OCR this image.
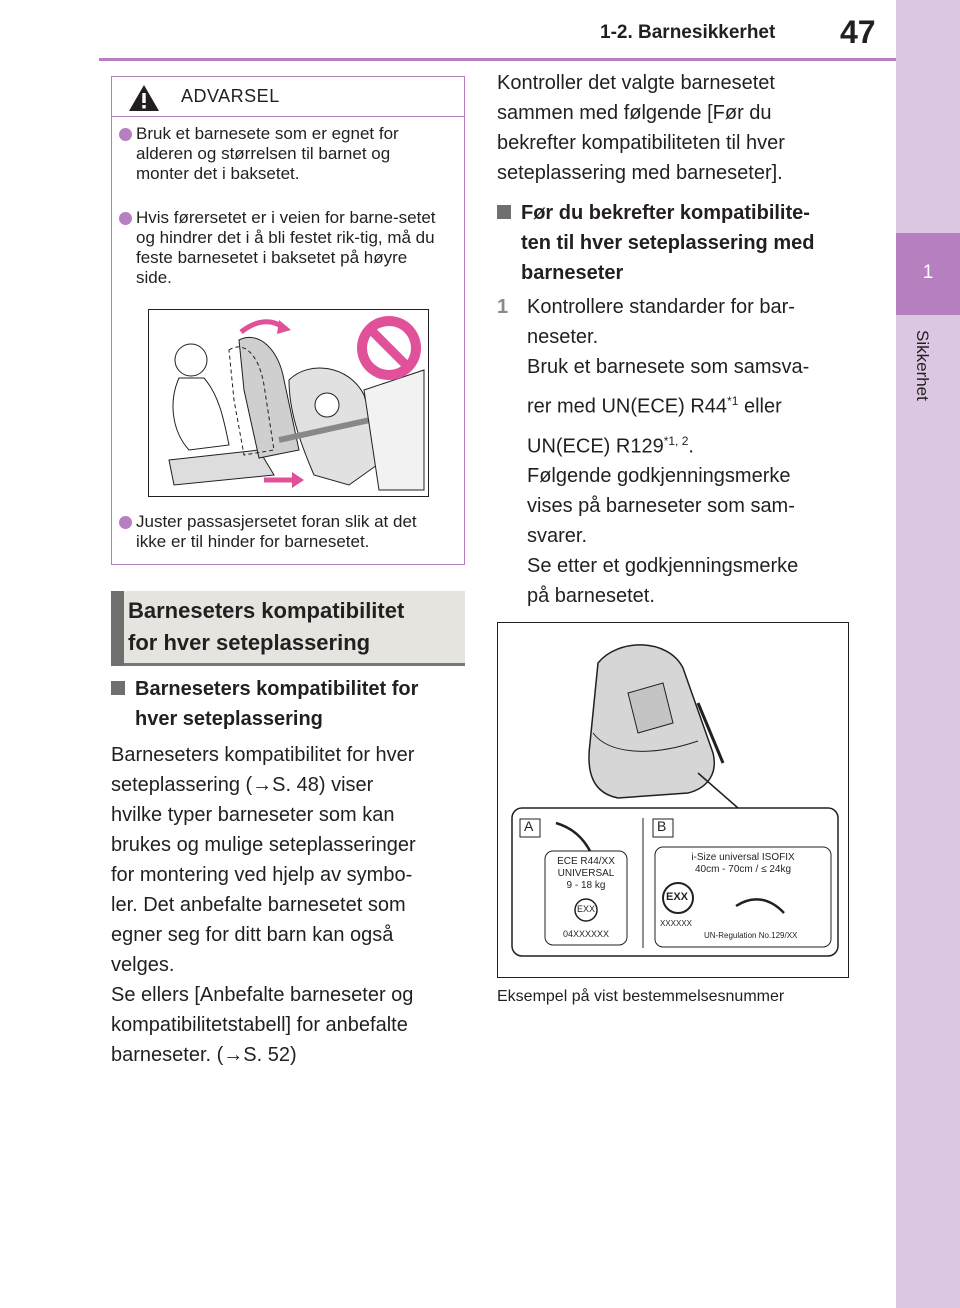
1-2. Barnesikkerhet 47
1
Sikkerhet
ADVARSEL
Bruk et barnesete som er egnet for alderen og størrelsen til barnet og monter det i baksetet.
Hvis førersetet er i veien for barne-setet og hindrer det i å bli festet rik-tig, må du feste barnesetet i baksetet på høyre side.
Juster passasjersetet foran slik at det ikke er til hinder for barnesetet.
Barneseters kompatibilitet
for hver seteplassering
Barneseters kompatibilitet for
hver seteplassering
Barneseters kompatibilitet for hver
seteplassering (→S. 48) viser
hvilke typer barneseter som kan
brukes og mulige seteplasseringer
for montering ved hjelp av symbo-
ler. Det anbefalte barnesetet som
egner seg for ditt barn kan også
velges.
Se ellers [Anbefalte barneseter og
kompatibilitetstabell] for anbefalte
barneseter. (→S. 52)
Kontroller det valgte barnesetet
sammen med følgende [Før du
bekrefter kompatibiliteten til hver
seteplassering med barneseter].
Før du bekrefter kompatibilite-
ten til hver seteplassering med
barneseter
1 Kontrollere standarder for bar-
neseter.
Bruk et barnesete som samsva-
rer med UN(ECE) R44$^{*1}$ eller
UN(ECE) R129$^{*1, 2}$.
Følgende godkjenningsmerke
vises på barneseter som sam-
svarer.
Se etter et godkjenningsmerke
på barnesetet.
A	B
ECE R44/XX
UNIVERSAL
9 - 18 kg
EXX
04XXXXXX
i-Size universal ISOFIX
40cm - 70cm / ≤ 24kg
EXX
XXXXXX
UN-Regulation No.129/XX
Eksempel på vist bestemmelsesnummer
